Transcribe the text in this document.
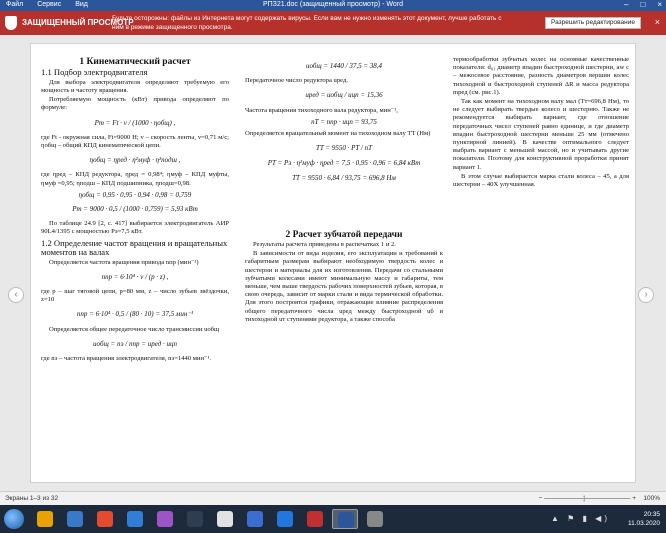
Файл Сервис Вид	РПЗ21.doc (защищенный просмотр) - Word	– □ ×
ЗАЩИЩЕННЫЙ ПРОСМОТР
Будьте осторожны: файлы из Интернета могут содержать вирусы. Если вам не нужно изменять этот документ, лучше работать с ним в режиме защищенного просмотра.
Разрешить редактирование	×
1 Кинематический расчет
1.1 Подбор электродвигателя
Для выбора электродвигателя определяют требуемую его мощность и частоту вращения.
Потребляемую мощность (кВт) привода определяют по формуле:
Pт = Ft · v / (1000 · ηобщ) ,
где Ft - окружная сила, Ft=9000 Н; v – скорость ленты, v=0,71 м/с; ηобщ – общий КПД кинематической цепи.
ηобщ = ηред · η²муф · η²подш ,
где ηред – КПД редуктора, ηред = 0,98⁴; ηмуф – КПД муфты, ηмуф =0,95; ηподш – КПД подшипника, ηподш=0,98.
ηобщ = 0,95 · 0,95 · 0,94 · 0,98 = 0,759
Pт = 9000 · 0,5 / (1000 · 0,759) = 5,93 кВт
По таблице 24.9 [2, с. 417] выбирается электродвигатель АИР 90L4/1395 с мощностью Pэ=7,5 кВт.
1.2 Определение частот вращения и вращательных моментов на валах
Определяется частота вращения привода nпр (мин⁻¹)
nпр = 6·10⁴ · v / (p · z) ,
где p – шаг тяговой цепи, p=80 мм, z – число зубьев звёздочки, z=10
nпр = 6·10⁴ · 0,5 / (80 · 10) = 37,5 мин⁻¹
Определяется общее передаточное число трансмиссии uобщ
uобщ = nэ / nпр = uред · uцп
где nэ – частота вращения электродвигателя, nэ=1440 мин⁻¹.
uобщ = 1440 / 37,5 = 38,4
Передаточное число редуктора uред.
uред = uобщ / uцп = 15,36
Частота вращения тихоходного вала редуктора, мин⁻¹,
nT = nпр · uцп = 93,75
Определяется вращательный момент на тихоходном валу TT (Нм)
TT = 9550 · PT / nT
PT = Pэ · η²муф · ηред = 7,5 · 0,95 · 0,96 = 6,84 кВт
TT = 9550 · 6,84 / 93,75 = 696,8 Нм
2 Расчет зубчатой передачи
Результаты расчета приведены в распечатках 1 и 2.
В зависимости от вида изделия, его эксплуатации и требований к габаритным размерам выбирают необходимую твердость колес и шестерни и материалы для их изготовления. Передачи со стальными зубчатыми колесами имеют минимальную массу и габариты, тем меньше, чем выше твердость рабочих поверхностей зубьев, которая, в свою очередь, зависит от марки стали и вида термической обработки. Для этого построятся графики, отражающие влияние распределения общего передаточного числа uред между быстроходной uб и тихоходной uт ступенями редуктора, а также способа
термообработки зубчатых колес на основные качественные показатели: d₀₁ диаметр впадин быстроходной шестерни, aw с – межосевое расстояние, разность диаметров вершин колес тихоходной и быстроходной ступеней ΔR и масса редуктора mред (см. рис.1).
Так как момент на тихоходном валу мал (Tт=696,8 Нм), то не следует выбирать твердые колесо и шестерню. Также не рекомендуется выбирать вариант, где отношение передаточных чисел ступеней равно единице, и где диаметр впадин быстроходной шестерни меньше 25 мм (отмечено пунктирной линией). В качестве оптимального следует выбрать вариант с меньшей массой, но и учитывать другие показатели. Поэтому для конструктивной проработки принят вариант 1.
В этом случае выбирается марка стали колеса – 45, а для шестерни – 40X улучшенная.
‹	›
Экраны 1–3 из 32	− ——————|——————— + 100%
▲ ⚑ ▮ ◀)	20:35
11.03.2020
